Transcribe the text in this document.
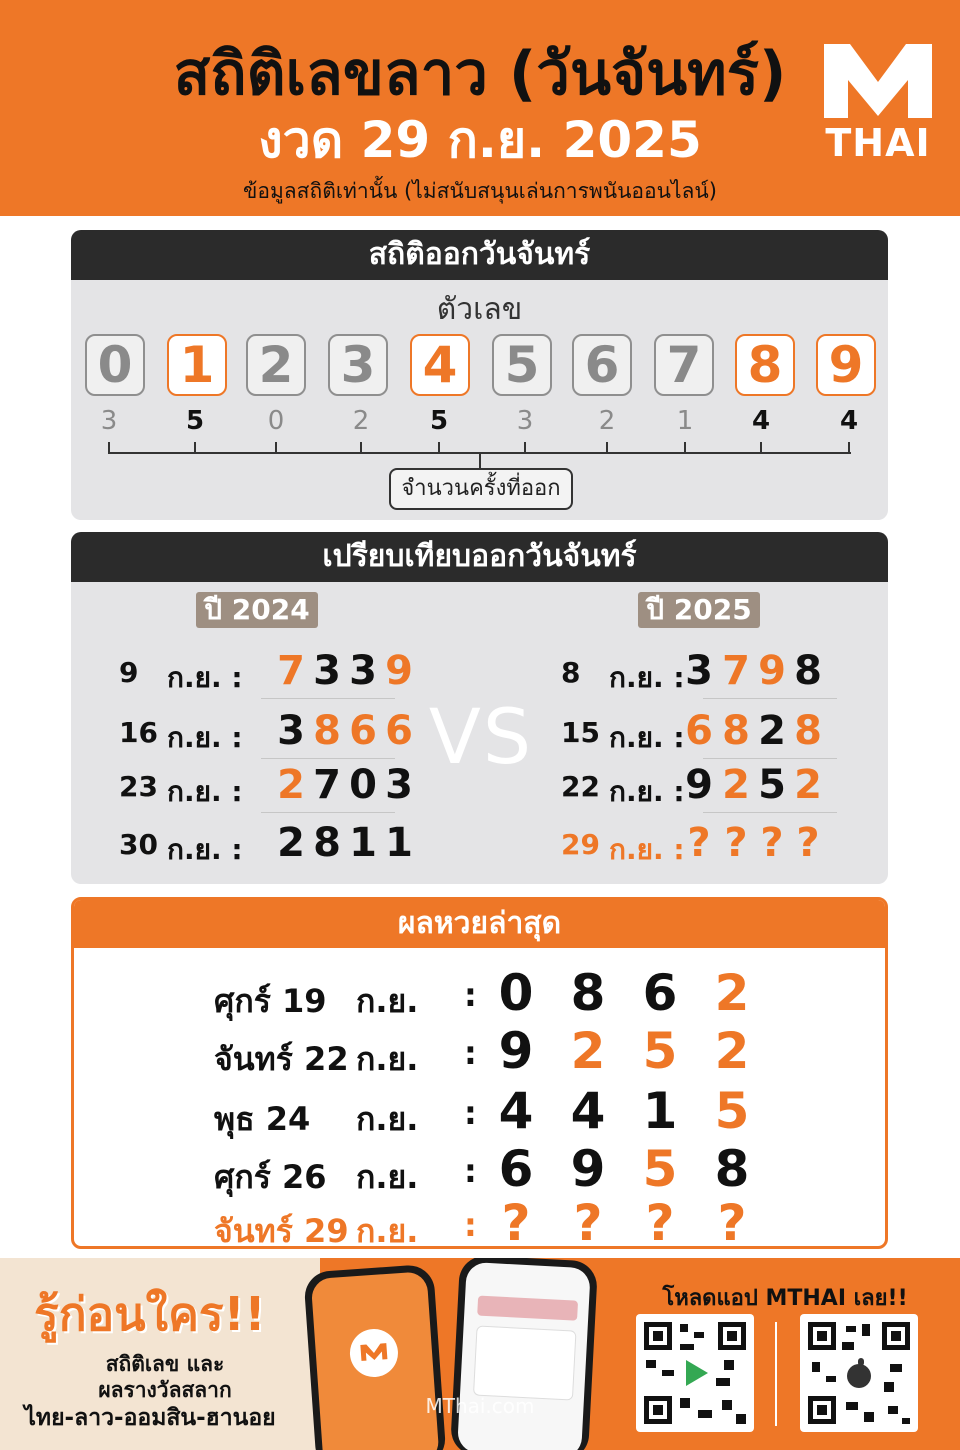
สถิติเลขลาว (วันจันทร์)
งวด 29 ก.ย. 2025
ข้อมูลสถิติเท่านั้น (ไม่สนับสนุนเล่นการพนันออนไลน์)
THAI
สถิติออกวันจันทร์
ตัวเลข
0
3
1
5
2
0
3
2
4
5
5
3
6
2
7
1
8
4
9
4
จำนวนครั้งที่ออก
เปรียบเทียบออกวันจันทร์
ปี 2024	ปี 2025
9	ก.ย. : 7 3 3 9
16 ก.ย. : 3 8 6 6
23 ก.ย. : 2 7 0 3
30 ก.ย. : 2 8 1 1
8	ก.ย. : 3 7 9 8
15 ก.ย. : 6 8 2 8
22 ก.ย. : 9 2 5 2
29 ก.ย. : ? ? ? ?
VS
ผลหวยล่าสุด
ศุกร์ 19 ก.ย.	: 0 8 6 2
จันทร์ 22 ก.ย.	: 9 2 5 2
พุธ 24	ก.ย.	: 4 4 1 5
ศุกร์ 26 ก.ย.	: 6 9 5 8
จันทร์ 29 ก.ย.	: ? ? ? ?
รู้ก่อนใคร!!
สถิติเลข และ
ผลรางวัลสลาก
ไทย-ลาว-ออมสิน-ฮานอย
โหลดแอป MTHAI เลย!!
MThai.com
